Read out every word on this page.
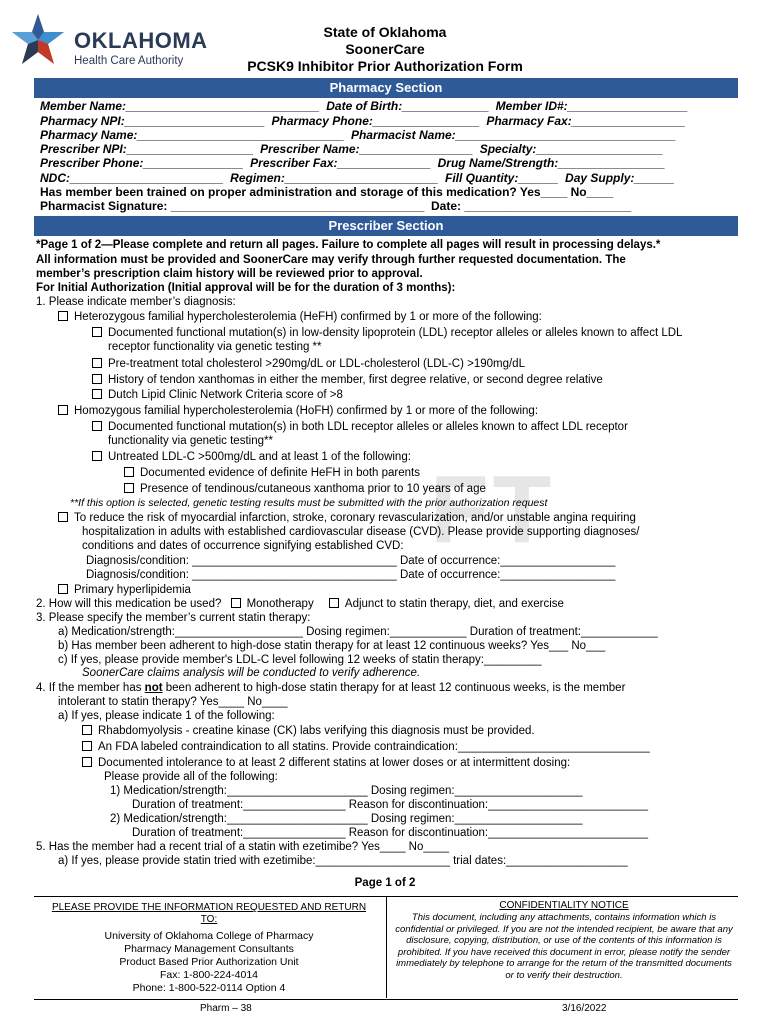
OKLAHOMA
Health Care Authority
State of Oklahoma
SoonerCare
PCSK9 Inhibitor Prior Authorization Form
Pharmacy Section
Member Name:_____________________________  Date of Birth:_____________  Member ID#:__________________
Pharmacy NPI:_____________________  Pharmacy Phone:________________  Pharmacy Fax:_________________
Pharmacy Name:_______________________________  Pharmacist Name:_________________________________
Prescriber NPI:___________________  Prescriber Name:_________________  Specialty:___________________
Prescriber Phone:_______________  Prescriber Fax:______________  Drug Name/Strength:________________
NDC:_______________________  Regimen:_______________________  Fill Quantity:______  Day Supply:______
Has member been trained on proper administration and storage of this medication? Yes____ No____
Pharmacist Signature: ______________________________________  Date: _________________________
Prescriber Section
*Page 1 of 2—Please complete and return all pages. Failure to complete all pages will result in processing delays.*
All information must be provided and SoonerCare may verify through further requested documentation. The
member’s prescription claim history will be reviewed prior to approval.
For Initial Authorization (Initial approval will be for the duration of 3 months):
FT
1. Please indicate member’s diagnosis:
Heterozygous familial hypercholesterolemia (HeFH) confirmed by 1 or more of the following:
Documented functional mutation(s) in low-density lipoprotein (LDL) receptor alleles or alleles known to affect LDL
receptor functionality via genetic testing **
Pre-treatment total cholesterol >290mg/dL or LDL-cholesterol (LDL-C) >190mg/dL
History of tendon xanthomas in either the member, first degree relative, or second degree relative
Dutch Lipid Clinic Network Criteria score of >8
Homozygous familial hypercholesterolemia (HoFH) confirmed by 1 or more of the following:
Documented functional mutation(s) in both LDL receptor alleles or alleles known to affect LDL receptor
functionality via genetic testing**
Untreated LDL-C >500mg/dL and at least 1 of the following:
Documented evidence of definite HeFH in both parents
Presence of tendinous/cutaneous xanthoma prior to 10 years of age
**If this option is selected, genetic testing results must be submitted with the prior authorization request
To reduce the risk of myocardial infarction, stroke, coronary revascularization, and/or unstable angina requiring
hospitalization in adults with established cardiovascular disease (CVD). Please provide supporting diagnoses/
conditions and dates of occurrence signifying established CVD:
Diagnosis/condition: ________________________________ Date of occurrence:__________________
Diagnosis/condition: ________________________________ Date of occurrence:__________________
Primary hyperlipidemia
2. How will this medication be used? Monotherapy	Adjunct to statin therapy, diet, and exercise
3. Please specify the member’s current statin therapy:
a) Medication/strength:____________________ Dosing regimen:____________ Duration of treatment:____________
b) Has member been adherent to high-dose statin therapy for at least 12 continuous weeks? Yes___ No___
c) If yes, please provide member's LDL-C level following 12 weeks of statin therapy:_________
SoonerCare claims analysis will be conducted to verify adherence.
4. If the member has not been adherent to high-dose statin therapy for at least 12 continuous weeks, is the member
intolerant to statin therapy? Yes____ No____
a) If yes, please indicate 1 of the following:
Rhabdomyolysis - creatine kinase (CK) labs verifying this diagnosis must be provided.
An FDA labeled contraindication to all statins. Provide contraindication:______________________________
Documented intolerance to at least 2 different statins at lower doses or at intermittent dosing:
Please provide all of the following:
1) Medication/strength:______________________ Dosing regimen:____________________
Duration of treatment:________________ Reason for discontinuation:_________________________
2) Medication/strength:______________________ Dosing regimen:____________________
Duration of treatment:________________ Reason for discontinuation:_________________________
5. Has the member had a recent trial of a statin with ezetimibe? Yes____ No____
a) If yes, please provide statin tried with ezetimibe:_____________________ trial dates:___________________
Page 1 of 2
PLEASE PROVIDE THE INFORMATION REQUESTED AND RETURN
TO:
University of Oklahoma College of Pharmacy
Pharmacy Management Consultants
Product Based Prior Authorization Unit
Fax: 1-800-224-4014
Phone: 1-800-522-0114 Option 4
CONFIDENTIALITY NOTICE
This document, including any attachments, contains information which is confidential or privileged. If you are not the intended recipient, be aware that any disclosure, copying, distribution, or use of the contents of this information is prohibited. If you have received this document in error, please notify the sender immediately by telephone to arrange for the return of the transmitted documents or to verify their destruction.
Pharm – 38	3/16/2022
